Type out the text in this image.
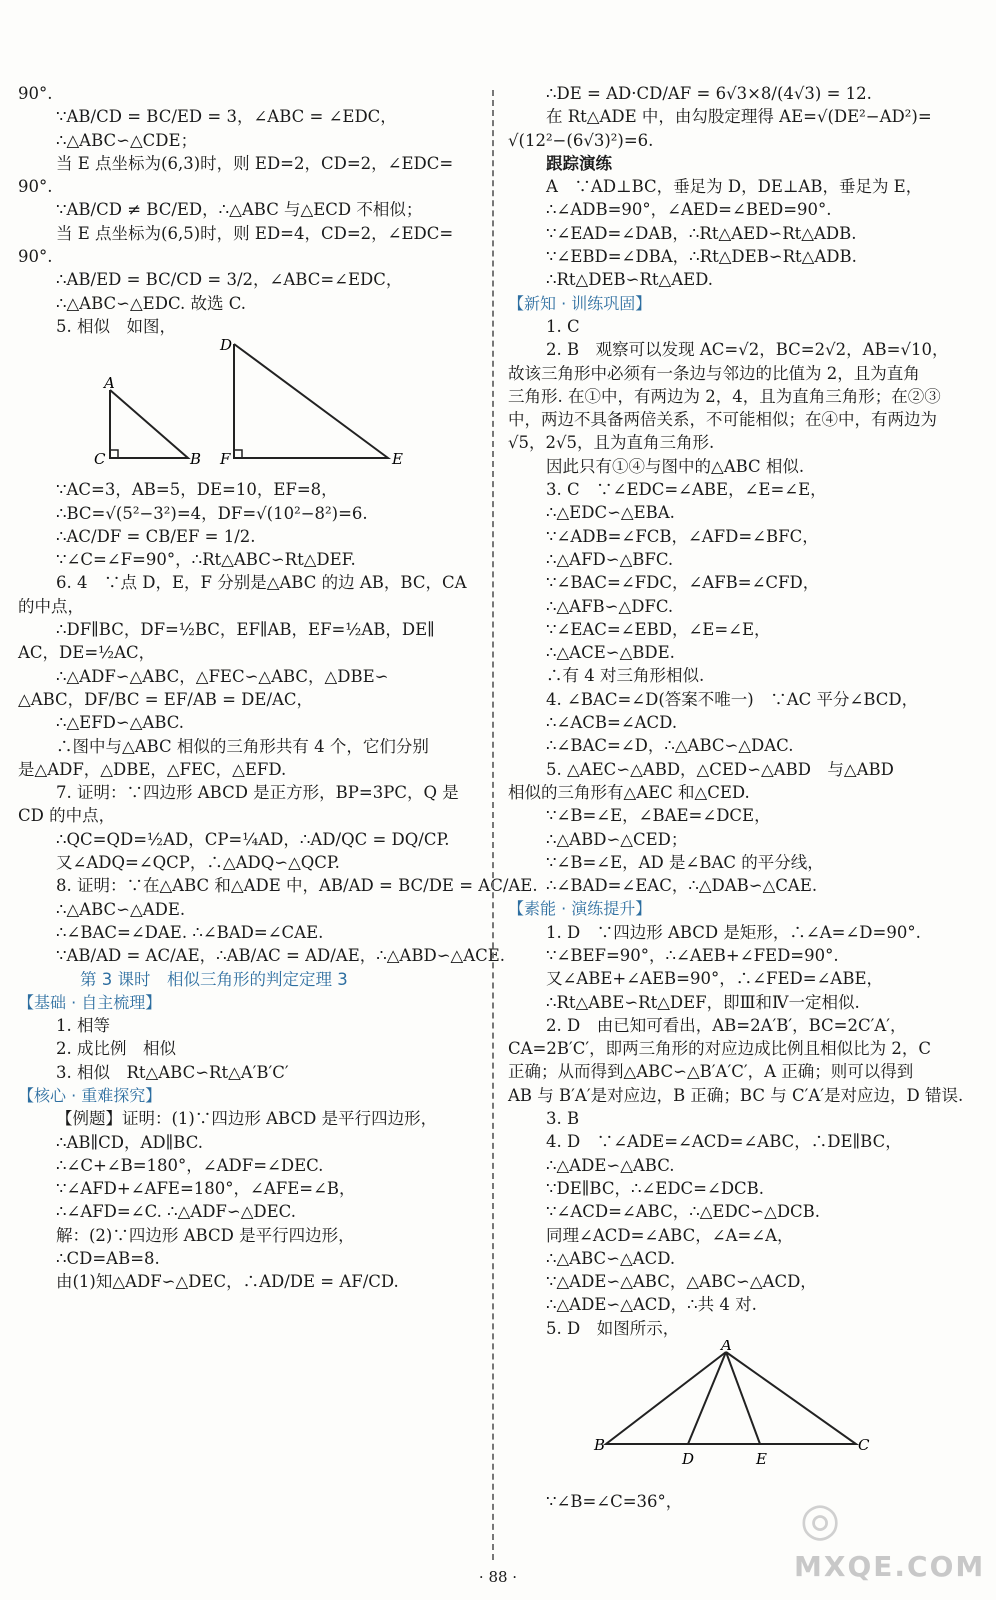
90°.
∵AB/CD = BC/ED = 3，∠ABC = ∠EDC，
∴△ABC∽△CDE；
当 E 点坐标为(6,3)时，则 ED=2，CD=2，∠EDC=
90°.
∵AB/CD ≠ BC/ED，∴△ABC 与△ECD 不相似；
当 E 点坐标为(6,5)时，则 ED=4，CD=2，∠EDC=
90°.
∴AB/ED = BC/CD = 3/2，∠ABC=∠EDC，
∴△ABC∽△EDC. 故选 C.
5. 相似　如图，
A
C	B
D
F	E
∵AC=3，AB=5，DE=10，EF=8，
∴BC=√(5²−3²)=4，DF=√(10²−8²)=6.
∴AC/DF = CB/EF = 1/2.
∵∠C=∠F=90°，∴Rt△ABC∽Rt△DEF.
6. 4　∵点 D，E，F 分别是△ABC 的边 AB，BC，CA
的中点，
∴DF∥BC，DF=½BC，EF∥AB，EF=½AB，DE∥
AC，DE=½AC，
∴△ADF∽△ABC，△FEC∽△ABC，△DBE∽
△ABC，DF/BC = EF/AB = DE/AC，
∴△EFD∽△ABC.
∴图中与△ABC 相似的三角形共有 4 个，它们分别
是△ADF，△DBE，△FEC，△EFD.
7. 证明：∵四边形 ABCD 是正方形，BP=3PC，Q 是
CD 的中点，
∴QC=QD=½AD，CP=¼AD，∴AD/QC = DQ/CP.
又∠ADQ=∠QCP，∴△ADQ∽△QCP.
8. 证明：∵在△ABC 和△ADE 中，AB/AD = BC/DE = AC/AE.
∴△ABC∽△ADE.
∴∠BAC=∠DAE. ∴∠BAD=∠CAE.
∵AB/AD = AC/AE，∴AB/AC = AD/AE，∴△ABD∽△ACE.
第 3 课时　相似三角形的判定定理 3
【基础 · 自主梳理】
1. 相等
2. 成比例　相似
3. 相似　Rt△ABC∽Rt△A′B′C′
【核心 · 重难探究】
【例题】证明：(1)∵四边形 ABCD 是平行四边形，
∴AB∥CD，AD∥BC.
∴∠C+∠B=180°，∠ADF=∠DEC.
∵∠AFD+∠AFE=180°，∠AFE=∠B，
∴∠AFD=∠C. ∴△ADF∽△DEC.
解：(2)∵四边形 ABCD 是平行四边形，
∴CD=AB=8.
由(1)知△ADF∽△DEC，∴AD/DE = AF/CD.
∴DE = AD·CD/AF = 6√3×8/(4√3) = 12.
在 Rt△ADE 中，由勾股定理得 AE=√(DE²−AD²)=
√(12²−(6√3)²)=6.
跟踪演练
A　∵AD⊥BC，垂足为 D，DE⊥AB，垂足为 E，
∴∠ADB=90°，∠AED=∠BED=90°.
∵∠EAD=∠DAB，∴Rt△AED∽Rt△ADB.
∵∠EBD=∠DBA，∴Rt△DEB∽Rt△ADB.
∴Rt△DEB∽Rt△AED.
【新知 · 训练巩固】
1. C
2. B　观察可以发现 AC=√2，BC=2√2，AB=√10，
故该三角形中必须有一条边与邻边的比值为 2，且为直角
三角形. 在①中，有两边为 2，4，且为直角三角形；在②③
中，两边不具备两倍关系，不可能相似；在④中，有两边为
√5，2√5，且为直角三角形.
因此只有①④与图中的△ABC 相似.
3. C　∵∠EDC=∠ABE，∠E=∠E，
∴△EDC∽△EBA.
∵∠ADB=∠FCB，∠AFD=∠BFC，
∴△AFD∽△BFC.
∵∠BAC=∠FDC，∠AFB=∠CFD，
∴△AFB∽△DFC.
∵∠EAC=∠EBD，∠E=∠E，
∴△ACE∽△BDE.
∴有 4 对三角形相似.
4. ∠BAC=∠D(答案不唯一)　∵AC 平分∠BCD，
∴∠ACB=∠ACD.
∴∠BAC=∠D，∴△ABC∽△DAC.
5. △AEC∽△ABD，△CED∽△ABD　与△ABD
相似的三角形有△AEC 和△CED.
∵∠B=∠E，∠BAE=∠DCE，
∴△ABD∽△CED；
∵∠B=∠E，AD 是∠BAC 的平分线，
∴∠BAD=∠EAC，∴△DAB∽△CAE.
【素能 · 演练提升】
1. D　∵四边形 ABCD 是矩形，∴∠A=∠D=90°.
∵∠BEF=90°，∴∠AEB+∠FED=90°.
又∠ABE+∠AEB=90°，∴∠FED=∠ABE，
∴Rt△ABE∽Rt△DEF，即Ⅲ和Ⅳ一定相似.
2. D　由已知可看出，AB=2A′B′，BC=2C′A′，
CA=2B′C′，即两三角形的对应边成比例且相似比为 2，C
正确；从而得到△ABC∽△B′A′C′，A 正确；则可以得到
AB 与 B′A′是对应边，B 正确；BC 与 C′A′是对应边，D 错误.
3. B
4. D　∵∠ADE=∠ACD=∠ABC，∴DE∥BC，
∴△ADE∽△ABC.
∵DE∥BC，∴∠EDC=∠DCB.
∵∠ACD=∠ABC，∴△EDC∽△DCB.
同理∠ACD=∠ABC，∠A=∠A，
∴△ABC∽△ACD.
∵△ADE∽△ABC，△ABC∽△ACD，
∴△ADE∽△ACD，∴共 4 对.
5. D　如图所示，
A
B
D	E
C
∵∠B=∠C=36°，	◎
MXQE.COM
· 88 ·
